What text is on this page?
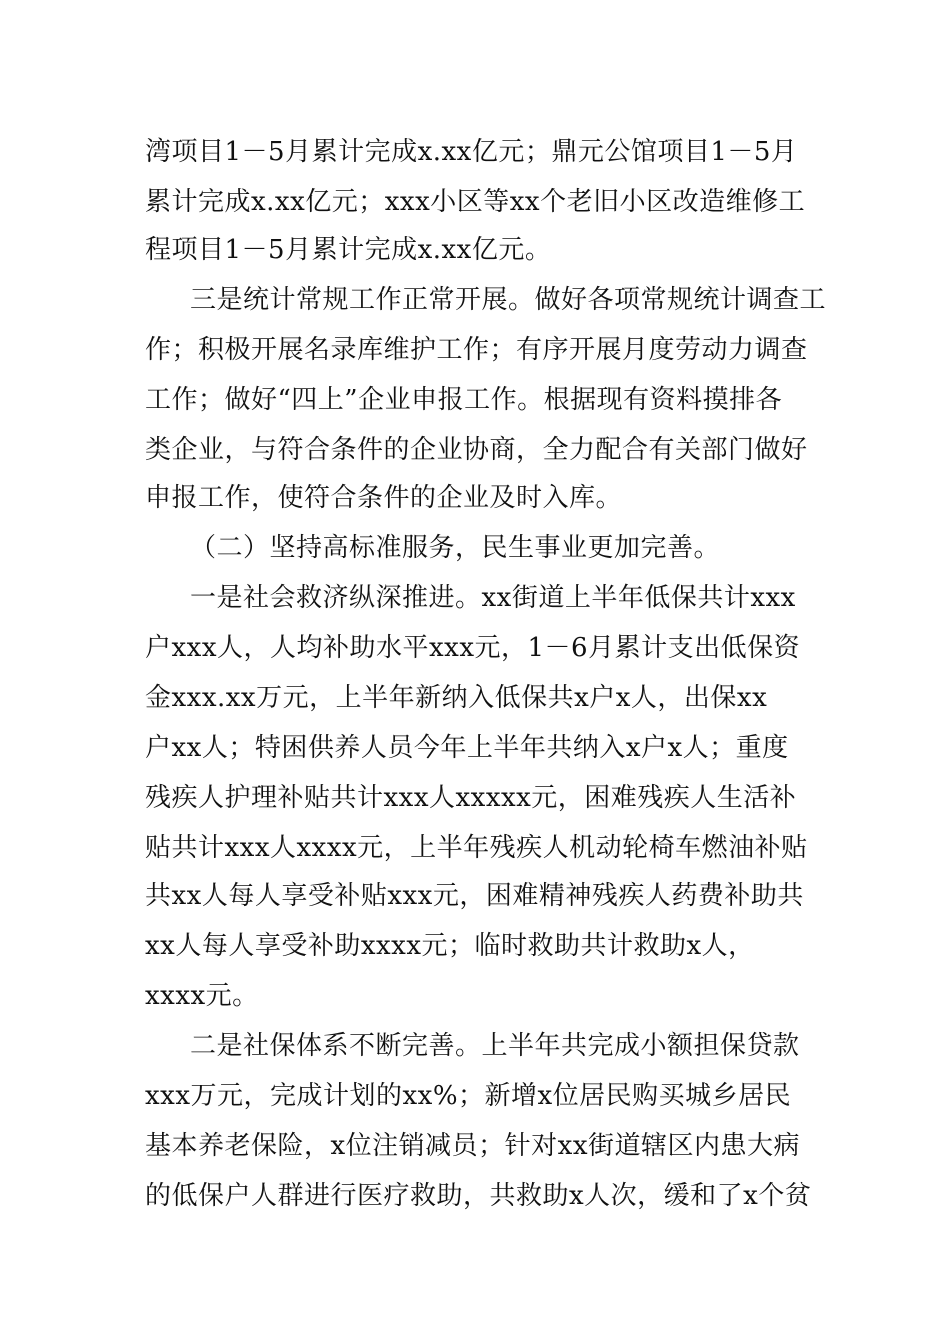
湾项目1－5月累计完成x.xx亿元；鼎元公馆项目1－5月
累计完成x.xx亿元；xxx小区等xx个老旧小区改造维修工
程项目1－5月累计完成x.xx亿元。
三是统计常规工作正常开展。做好各项常规统计调查工
作；积极开展名录库维护工作；有序开展月度劳动力调查
工作；做好“四上”企业申报工作。根据现有资料摸排各
类企业，与符合条件的企业协商，全力配合有关部门做好
申报工作，使符合条件的企业及时入库。
（二）坚持高标准服务，民生事业更加完善。
一是社会救济纵深推进。xx街道上半年低保共计xxx
户xxx人，人均补助水平xxx元，1－6月累计支出低保资
金xxx.xx万元，上半年新纳入低保共x户x人，出保xx
户xx人；特困供养人员今年上半年共纳入x户x人；重度
残疾人护理补贴共计xxx人xxxxx元，困难残疾人生活补
贴共计xxx人xxxx元，上半年残疾人机动轮椅车燃油补贴
共xx人每人享受补贴xxx元，困难精神残疾人药费补助共
xx人每人享受补助xxxx元；临时救助共计救助x人，
xxxx元。
二是社保体系不断完善。上半年共完成小额担保贷款
xxx万元，完成计划的xx%；新增x位居民购买城乡居民
基本养老保险，x位注销减员；针对xx街道辖区内患大病
的低保户人群进行医疗救助，共救助x人次，缓和了x个贫
